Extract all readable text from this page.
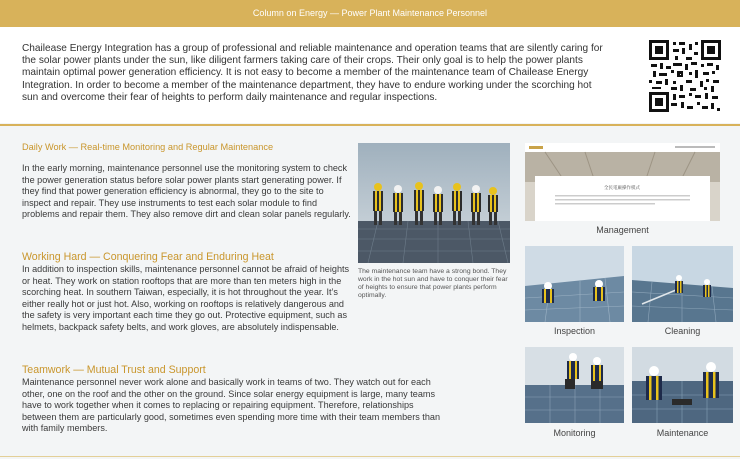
Column on Energy — Power Plant Maintenance Personnel

Chailease Energy Integration has a group of professional and reliable maintenance and operation teams that are silently caring for the solar power plants under the sun, like diligent farmers taking care of their crops. Their only goal is to help the power plants maintain optimal power generation efficiency. It is not easy to become a member of the maintenance team of Chailease Energy Integration. In order to become a member of the maintenance department, they have to endure working under the scorching hot sun and overcome their fear of heights to perform daily maintenance and regular inspections.

Daily Work — Real-time Monitoring and Regular Maintenance

In the early morning, maintenance personnel use the monitoring system to check the power generation status before solar power plants start generating power. If they find that power generation efficiency is abnormal, they go to the site to inspect and repair. They use instruments to test each solar module to find problems and repair them. They also remove dirt and clean solar panels regularly.

Working Hard — Conquering Fear and Enduring Heat

In addition to inspection skills, maintenance personnel cannot be afraid of heights or heat. They work on station rooftops that are more than ten meters high in the scorching heat. In southern Taiwan, especially, it is hot throughout the year. It’s either really hot or just hot. Also, working on rooftops is relatively dangerous and the safety is very important each time they go out. Protective equipment, such as helmets, backpack safety belts, and work gloves, are absolutely indispensable.

Teamwork — Mutual Trust and Support

Maintenance personnel never work alone and basically work in teams of two. They watch out for each other, one on the roof and the other on the ground. Since solar energy equipment is large, many teams have to work together when it comes to replacing or repairing equipment. Therefore, relationships between them are particularly good, sometimes even spending more time with their team members than with family members.

The maintenance team have a strong bond. They work in the hot sun and have to conquer their fear of heights to ensure that power plants perform optimally.
全民電廠操作模式
Management
Inspection	Cleaning
Monitoring	Maintenance
